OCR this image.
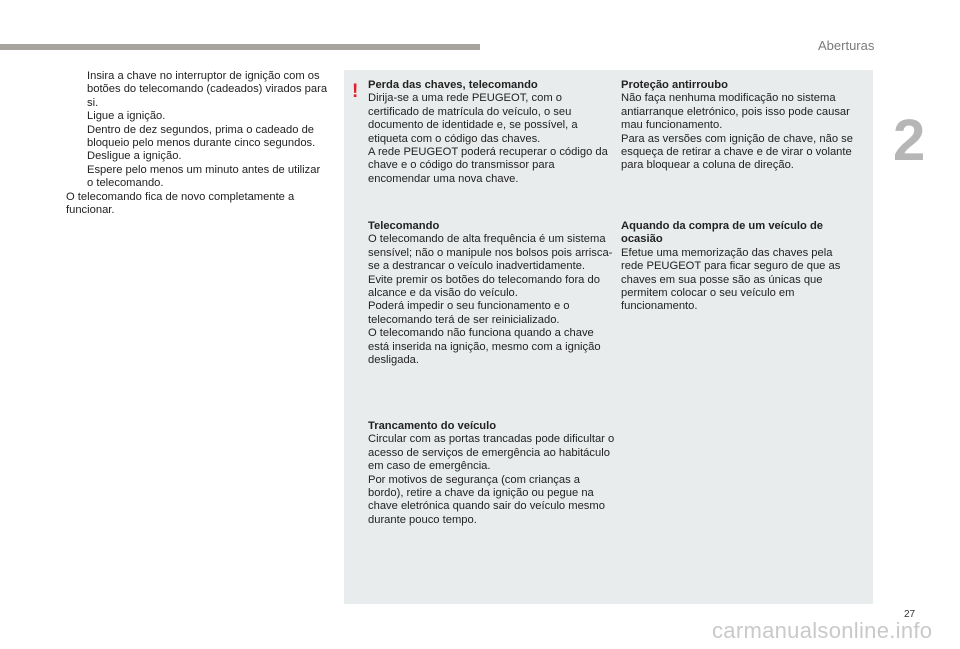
Aberturas
2
Insira a chave no interruptor de ignição com os botões do telecomando (cadeados) virados para si.
Ligue a ignição.
Dentro de dez segundos, prima o cadeado de bloqueio pelo menos durante cinco segundos.
Desligue a ignição.
Espere pelo menos um minuto antes de utilizar o telecomando.
O telecomando fica de novo completamente a funcionar.
! Perda das chaves, telecomando
Dirija-se a uma rede PEUGEOT, com o certificado de matrícula do veículo, o seu documento de identidade e, se possível, a etiqueta com o código das chaves.
A rede PEUGEOT poderá recuperar o código da chave e o código do transmissor para encomendar uma nova chave.
Telecomando
O telecomando de alta frequência é um sistema sensível; não o manipule nos bolsos pois arrisca-se a destrancar o veículo inadvertidamente.
Evite premir os botões do telecomando fora do alcance e da visão do veículo.
Poderá impedir o seu funcionamento e o telecomando terá de ser reinicializado.
O telecomando não funciona quando a chave está inserida na ignição, mesmo com a ignição desligada.
Trancamento do veículo
Circular com as portas trancadas pode dificultar o acesso de serviços de emergência ao habitáculo em caso de emergência.
Por motivos de segurança (com crianças a bordo), retire a chave da ignição ou pegue na chave eletrónica quando sair do veículo mesmo durante pouco tempo.
Proteção antirroubo
Não faça nenhuma modificação no sistema antiarranque eletrónico, pois isso pode causar mau funcionamento.
Para as versões com ignição de chave, não se esqueça de retirar a chave e de virar o volante para bloquear a coluna de direção.
Aquando da compra de um veículo de ocasião
Efetue uma memorização das chaves pela rede PEUGEOT para ficar seguro de que as chaves em sua posse são as únicas que permitem colocar o seu veículo em funcionamento.
27
carmanualsonline.info
